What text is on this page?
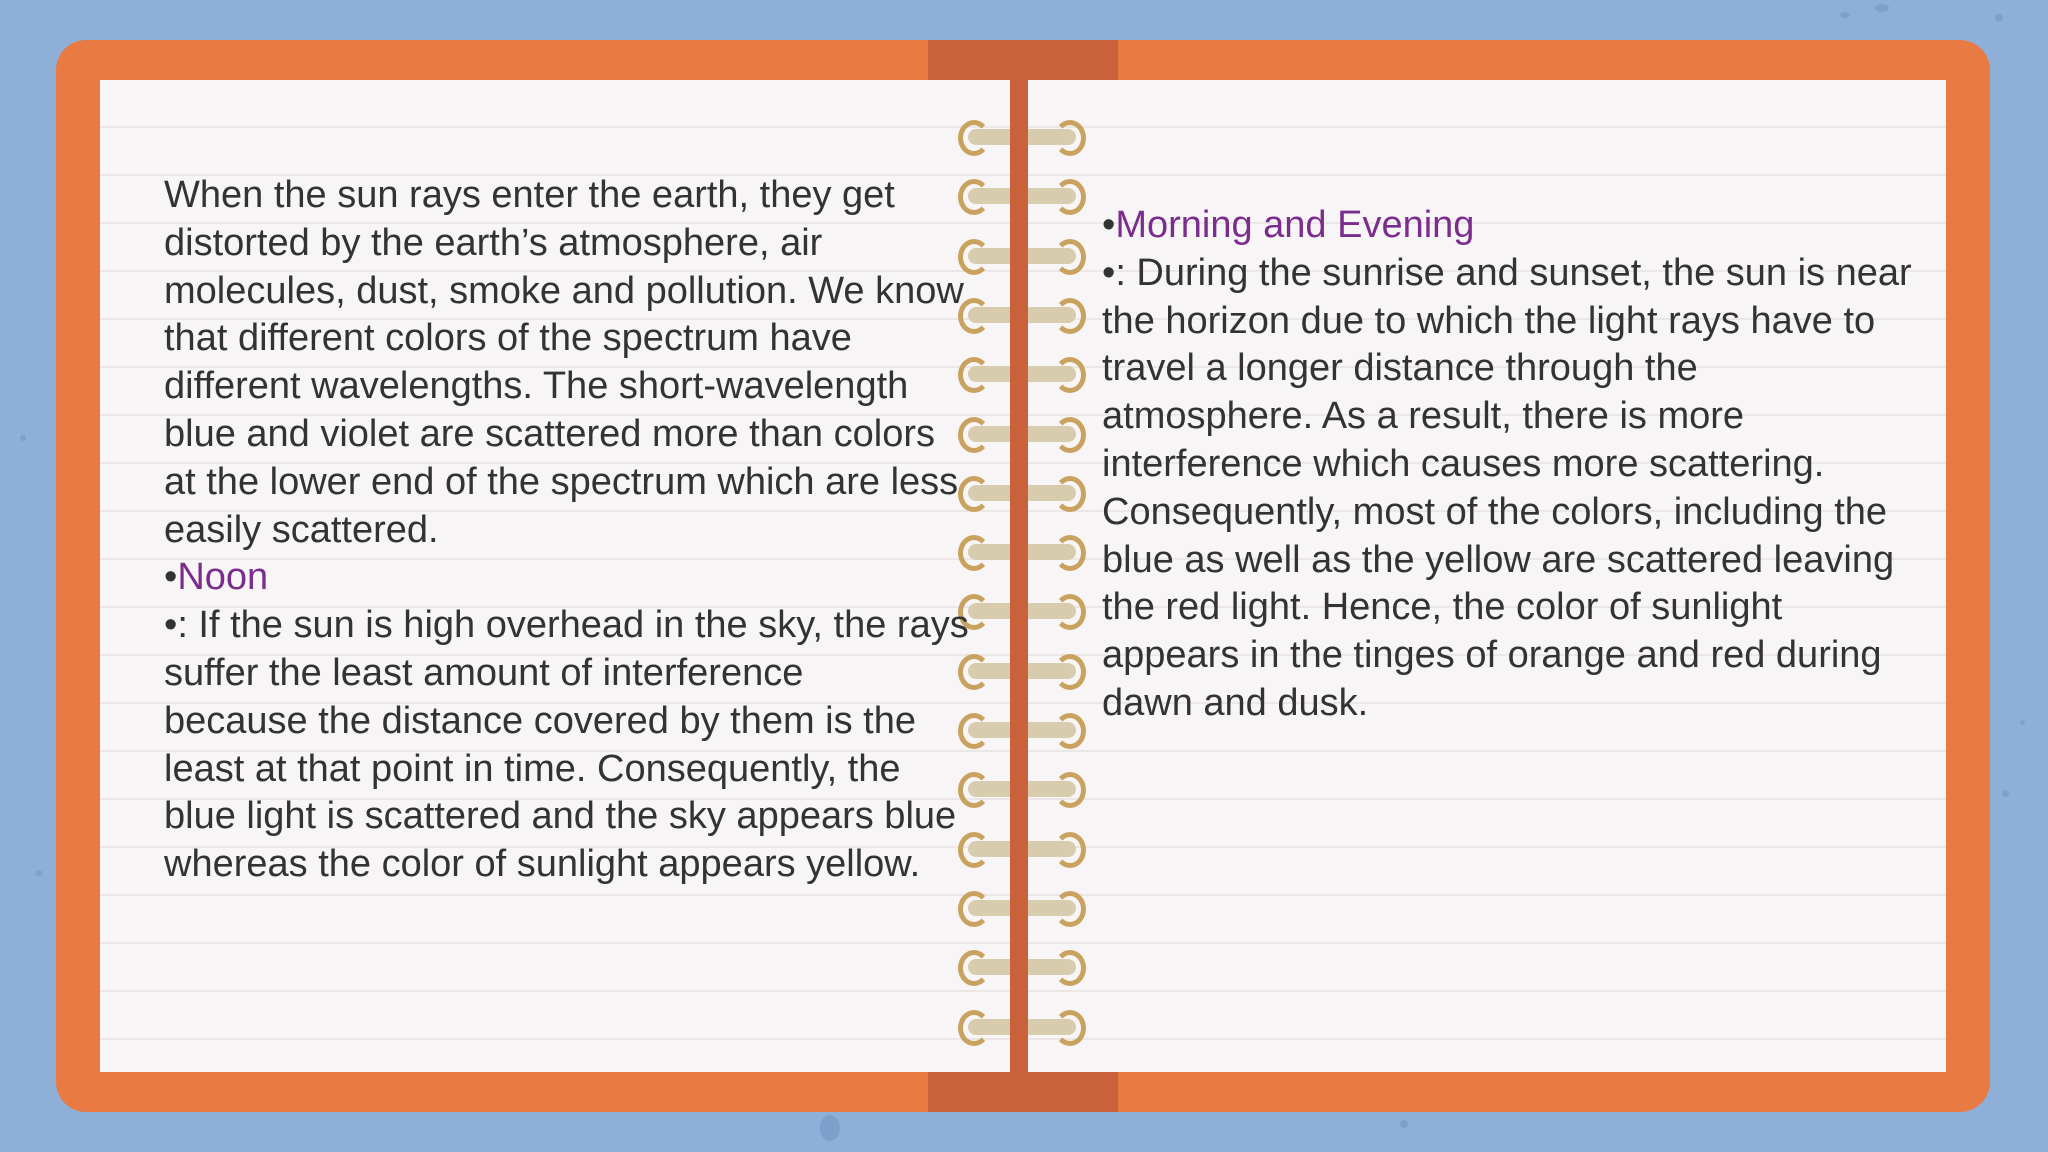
When the sun rays enter the earth, they get
distorted by the earth’s atmosphere, air
molecules, dust, smoke and pollution. We know
that different colors of the spectrum have
different wavelengths. The short-wavelength
blue and violet are scattered more than colors
at the lower end of the spectrum which are less
easily scattered.
•Noon
•: If the sun is high overhead in the sky, the rays
suffer the least amount of interference
because the distance covered by them is the
least at that point in time. Consequently, the
blue light is scattered and the sky appears blue
whereas the color of sunlight appears yellow.
•Morning and Evening
•: During the sunrise and sunset, the sun is near
the horizon due to which the light rays have to
travel a longer distance through the
atmosphere. As a result, there is more
interference which causes more scattering.
Consequently, most of the colors, including the
blue as well as the yellow are scattered leaving
the red light. Hence, the color of sunlight
appears in the tinges of orange and red during
dawn and dusk.
